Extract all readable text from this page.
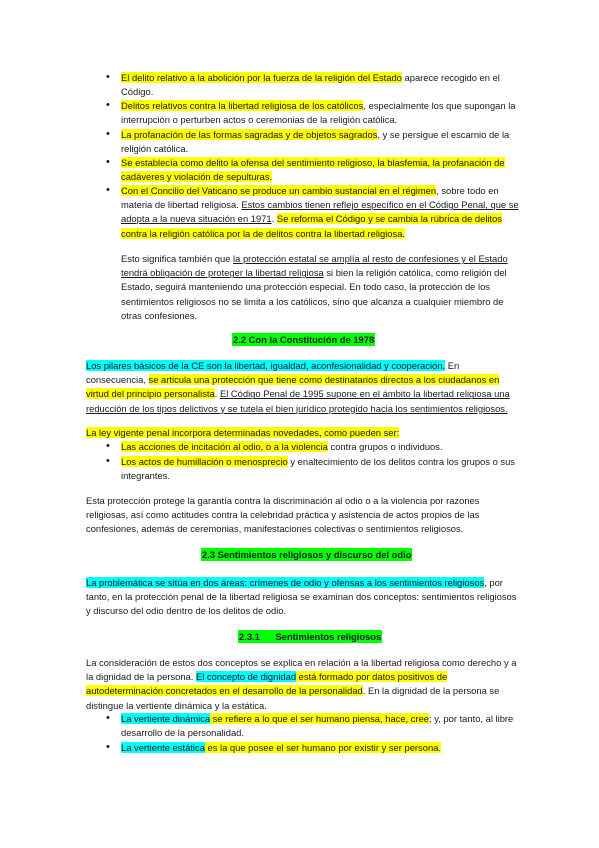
• El delito relativo a la abolición por la fuerza de la religión del Estado aparece recogido en el Código.
• Delitos relativos contra la libertad religiosa de los católicos, especialmente los que supongan la interrupción o perturben actos o ceremonias de la religión católica.
• La profanación de las formas sagradas y de objetos sagrados, y se persigue el escarnio de la religión católica.
• Se establecía como delito la ofensa del sentimiento religioso, la blasfemia, la profanación de cadáveres y violación de sepulturas.
• Con el Concilio del Vaticano se produce un cambio sustancial en el régimen, sobre todo en materia de libertad religiosa. Estos cambios tienen reflejo específico en el Código Penal, que se adopta a la nueva situación en 1971. Se reforma el Código y se cambia la rúbrica de delitos contra la religión católica por la de delitos contra la libertad religiosa.
Esto significa también que la protección estatal se amplía al resto de confesiones y el Estado tendrá obligación de proteger la libertad religiosa si bien la religión católica, como religión del Estado, seguirá manteniendo una protección especial. En todo caso, la protección de los sentimientos religiosos no se limita a los católicos, sino que alcanza a cualquier miembro de otras confesiones.
2.2 Con la Constitución de 1978
Los pilares básicos de la CE son la libertad, igualdad, aconfesionalidad y cooperación. En consecuencia, se articula una protección que tiene como destinatarios directos a los ciudadanos en virtud del principio personalista. El Código Penal de 1995 supone en el ámbito la libertad religiosa una reducción de los tipos delictivos y se tutela el bien jurídico protegido hacia los sentimientos religiosos.
La ley vigente penal incorpora determinadas novedades, como pueden ser:
• Las acciones de incitación al odio, o a la violencia contra grupos o individuos.
• Los actos de humillación o menosprecio y enaltecimiento de los delitos contra los grupos o sus integrantes.
Esta protección protege la garantía contra la discriminación al odio o a la violencia por razones religiosas, así como actitudes contra la celebridad práctica y asistencia de actos propios de las confesiones, además de ceremonias, manifestaciones colectivas o sentimientos religiosos.
2.3 Sentimientos religiosos y discurso del odio
La problemática se sitúa en dos áreas: crímenes de odio y ofensas a los sentimientos religiosos, por tanto, en la protección penal de la libertad religiosa se examinan dos conceptos: sentimientos religiosos y discurso del odio dentro de los delitos de odio.
2.3.1      Sentimientos religiosos
La consideración de estos dos conceptos se explica en relación a la libertad religiosa como derecho y a la dignidad de la persona. El concepto de dignidad está formado por datos positivos de autodeterminación concretados en el desarrollo de la personalidad. En la dignidad de la persona se distingue la vertiente dinámica y la estática.
• La vertiente dinámica se refiere a lo que el ser humano piensa, hace, cree; y, por tanto, al libre desarrollo de la personalidad.
• La vertiente estática es la que posee el ser humano por existir y ser persona.
